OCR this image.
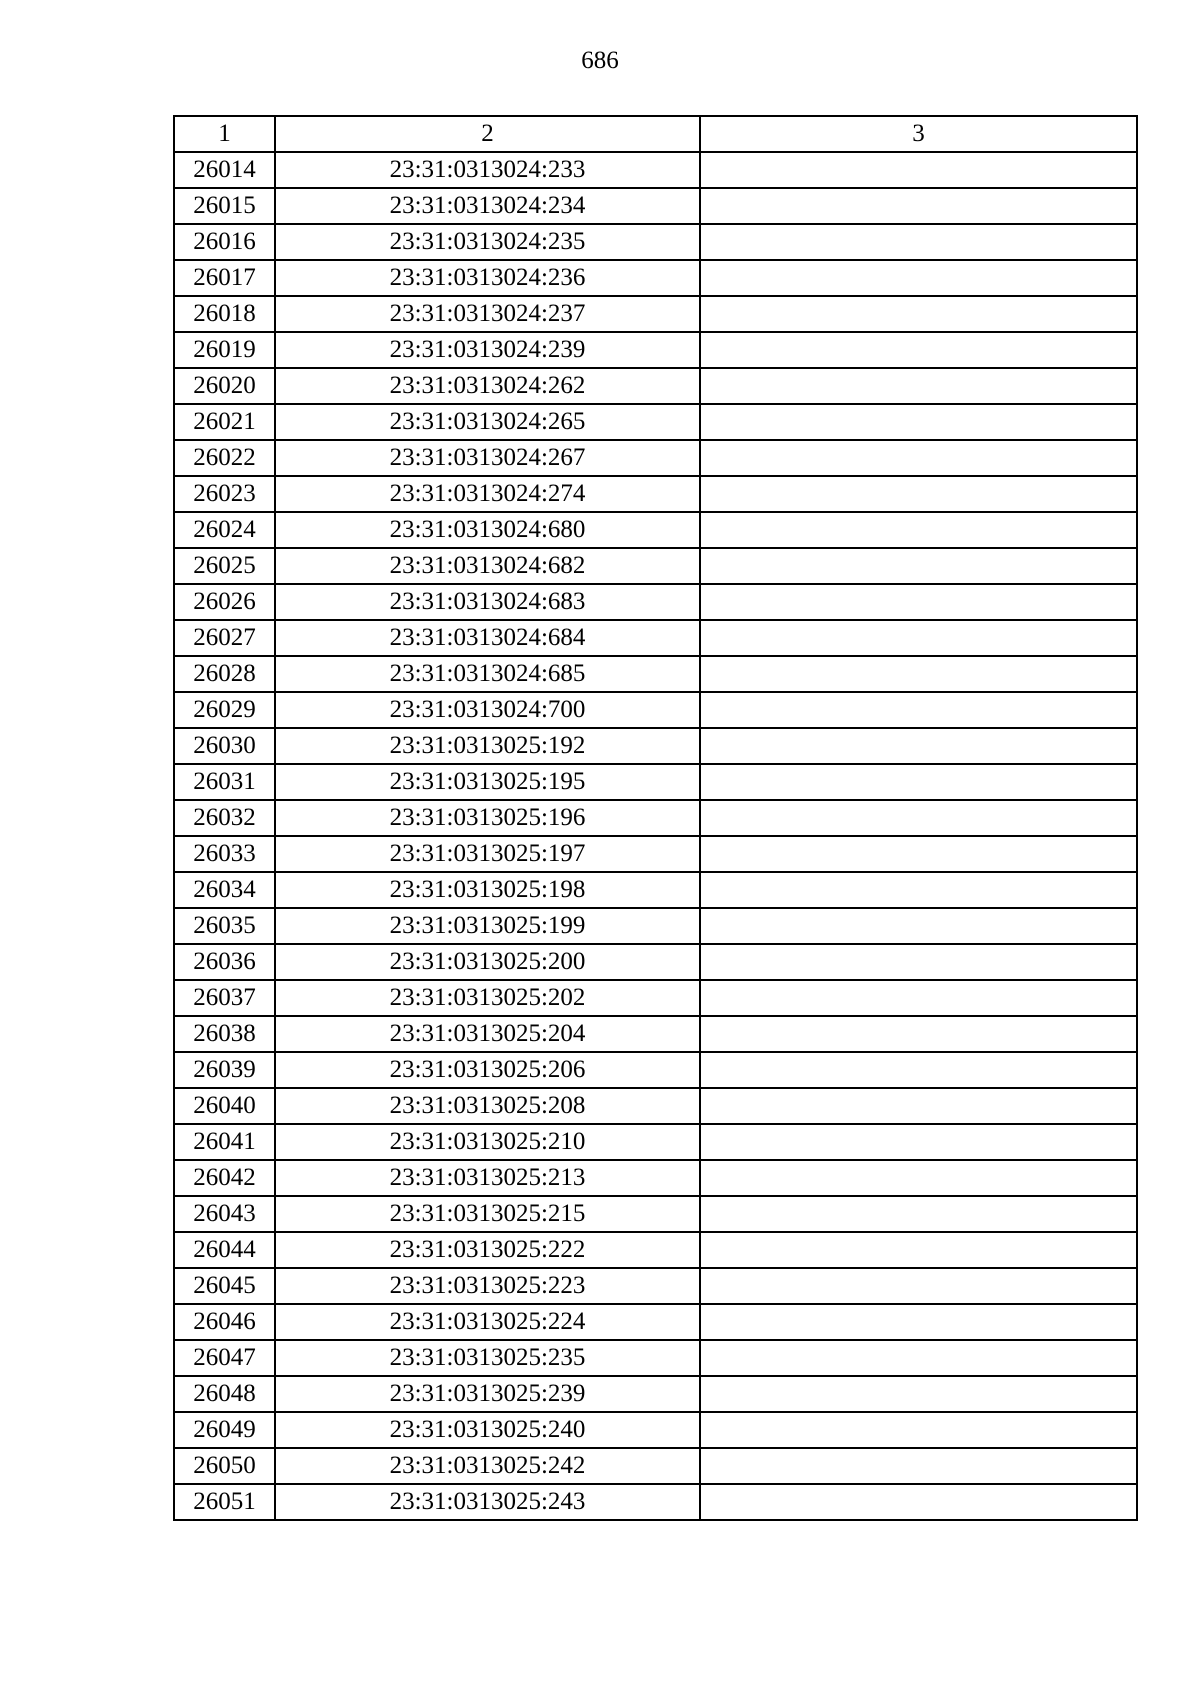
686
1	2	3
26014	23:31:0313024:233	
26015	23:31:0313024:234	
26016	23:31:0313024:235	
26017	23:31:0313024:236	
26018	23:31:0313024:237	
26019	23:31:0313024:239	
26020	23:31:0313024:262	
26021	23:31:0313024:265	
26022	23:31:0313024:267	
26023	23:31:0313024:274	
26024	23:31:0313024:680	
26025	23:31:0313024:682	
26026	23:31:0313024:683	
26027	23:31:0313024:684	
26028	23:31:0313024:685	
26029	23:31:0313024:700	
26030	23:31:0313025:192	
26031	23:31:0313025:195	
26032	23:31:0313025:196	
26033	23:31:0313025:197	
26034	23:31:0313025:198	
26035	23:31:0313025:199	
26036	23:31:0313025:200	
26037	23:31:0313025:202	
26038	23:31:0313025:204	
26039	23:31:0313025:206	
26040	23:31:0313025:208	
26041	23:31:0313025:210	
26042	23:31:0313025:213	
26043	23:31:0313025:215	
26044	23:31:0313025:222	
26045	23:31:0313025:223	
26046	23:31:0313025:224	
26047	23:31:0313025:235	
26048	23:31:0313025:239	
26049	23:31:0313025:240	
26050	23:31:0313025:242	
26051	23:31:0313025:243	
